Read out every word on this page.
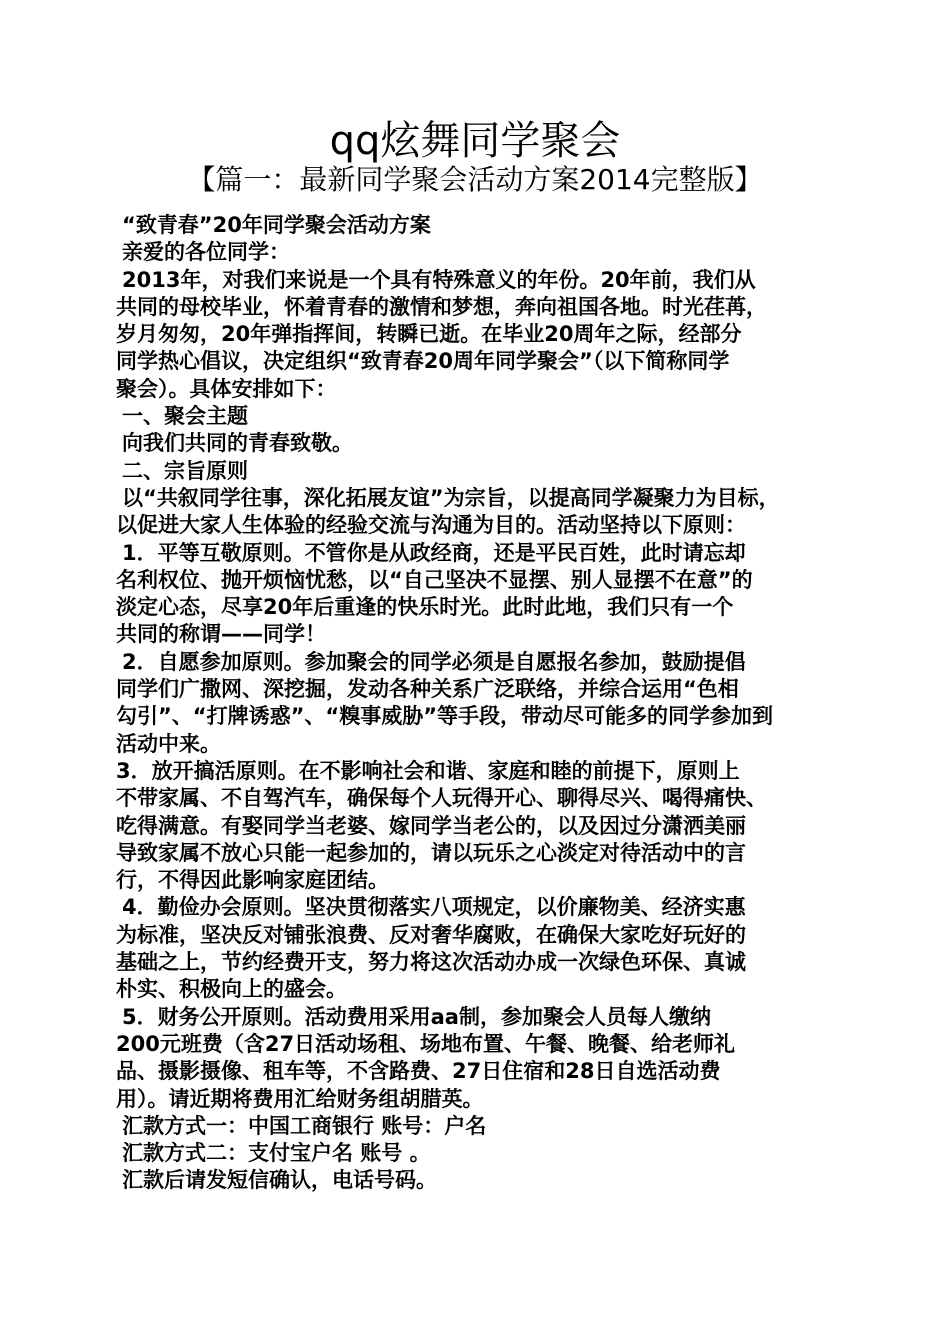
qq炫舞同学聚会
【篇一：最新同学聚会活动方案2014完整版】
“致青春”20年同学聚会活动方案
亲爱的各位同学：
2013年，对我们来说是一个具有特殊意义的年份。20年前，我们从
共同的母校毕业，怀着青春的激情和梦想，奔向祖国各地。时光荏苒，
岁月匆匆，20年弹指挥间，转瞬已逝。在毕业20周年之际，经部分
同学热心倡议，决定组织“致青春20周年同学聚会”（以下简称同学
聚会）。具体安排如下：
一、聚会主题
向我们共同的青春致敬。
二、宗旨原则
以“共叙同学往事，深化拓展友谊”为宗旨，以提高同学凝聚力为目标，
以促进大家人生体验的经验交流与沟通为目的。活动坚持以下原则：
1．平等互敬原则。不管你是从政经商，还是平民百姓，此时请忘却
名利权位、抛开烦恼忧愁，以“自己坚决不显摆、别人显摆不在意”的
淡定心态，尽享20年后重逢的快乐时光。此时此地，我们只有一个
共同的称谓——同学！
2．自愿参加原则。参加聚会的同学必须是自愿报名参加，鼓励提倡
同学们广撒网、深挖掘，发动各种关系广泛联络，并综合运用“色相
勾引”、“打牌诱惑”、“糗事威胁”等手段，带动尽可能多的同学参加到
活动中来。
3．放开搞活原则。在不影响社会和谐、家庭和睦的前提下，原则上
不带家属、不自驾汽车，确保每个人玩得开心、聊得尽兴、喝得痛快、
吃得满意。有娶同学当老婆、嫁同学当老公的，以及因过分潇洒美丽
导致家属不放心只能一起参加的，请以玩乐之心淡定对待活动中的言
行，不得因此影响家庭团结。
4．勤俭办会原则。坚决贯彻落实八项规定，以价廉物美、经济实惠
为标准，坚决反对铺张浪费、反对奢华腐败，在确保大家吃好玩好的
基础之上，节约经费开支，努力将这次活动办成一次绿色环保、真诚
朴实、积极向上的盛会。
5．财务公开原则。活动费用采用aa制，参加聚会人员每人缴纳
200元班费（含27日活动场租、场地布置、午餐、晚餐、给老师礼
品、摄影摄像、租车等，不含路费、27日住宿和28日自选活动费
用）。请近期将费用汇给财务组胡腊英。
汇款方式一：中国工商银行 账号：户名
汇款方式二：支付宝户名 账号 。
汇款后请发短信确认，电话号码。
